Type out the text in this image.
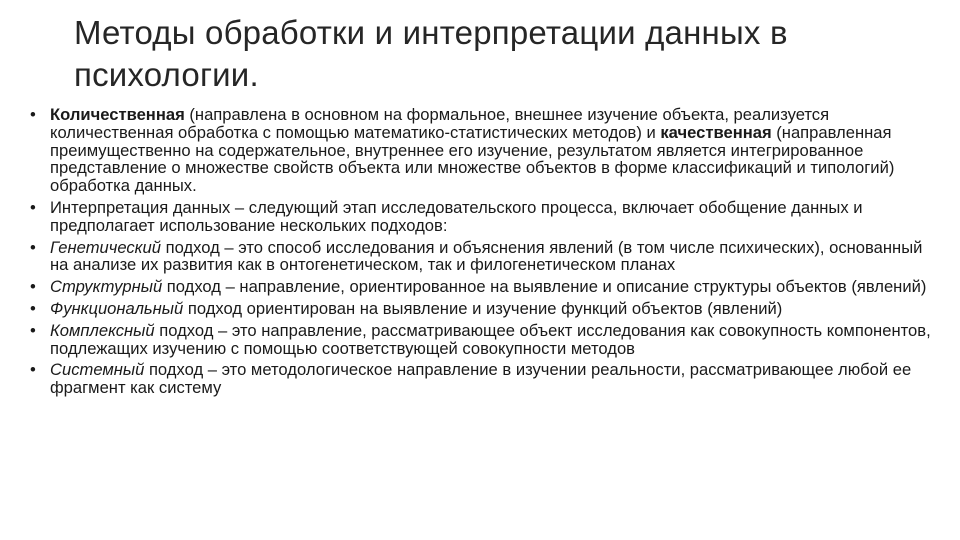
Методы обработки и интерпретации данных в психологии.
• Количественная (направлена в основном на формальное, внешнее изучение объекта, реализуется количественная обработка с помощью математико-статистических методов) и качественная (направленная преимущественно на содержательное, внутреннее его изучение, результатом является интегрированное представление о множестве свойств объекта или множестве объектов в форме классификаций и типологий) обработка данных.
• Интерпретация данных – следующий этап исследовательского процесса, включает обобщение данных и предполагает использование нескольких подходов:
• Генетический подход – это способ исследования и объяснения явлений (в том числе психических), основанный на анализе их развития как в онтогенетическом, так и филогенетическом планах
• Структурный подход – направление, ориентированное на выявление и описание структуры объектов (явлений)
• Функциональный подход ориентирован на выявление и изучение функций объектов (явлений)
• Комплексный подход – это направление, рассматривающее объект исследования как совокупность компонентов, подлежащих изучению с помощью соответствующей совокупности методов
• Системный подход – это методологическое направление в изучении реальности, рассматривающее любой ее фрагмент как систему
